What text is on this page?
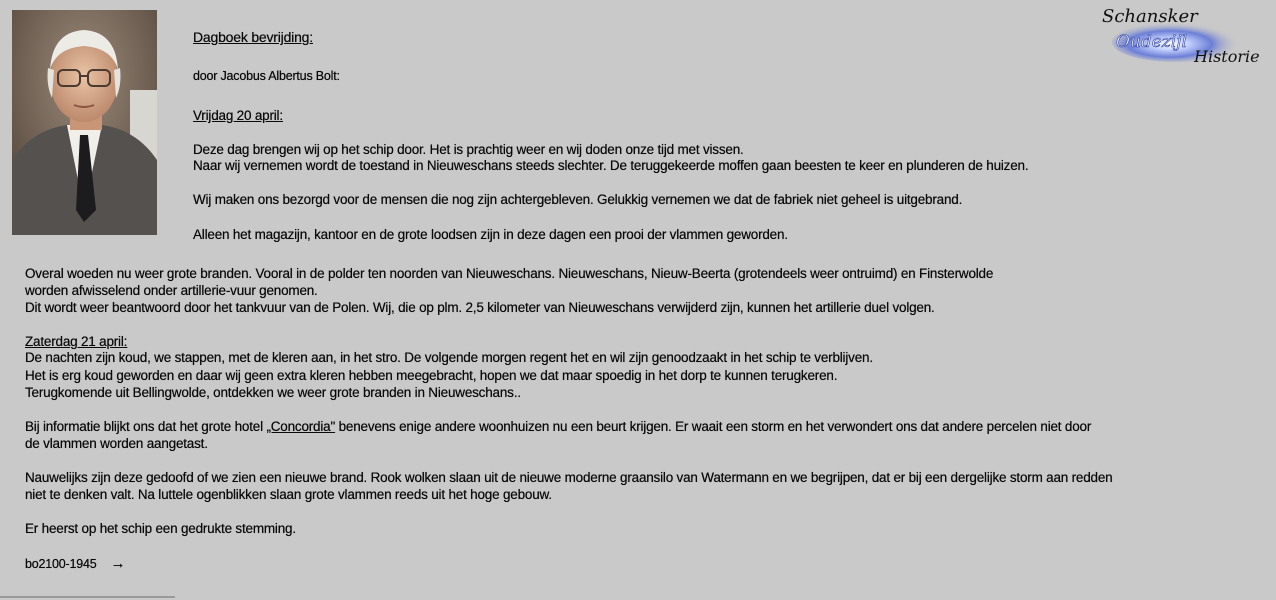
Schansker
Oudezijl
Historie
Dagboek bevrijding:
door Jacobus Albertus Bolt:
Vrijdag 20 april:
Deze dag brengen wij op het schip door. Het is prachtig weer en wij doden onze tijd met vissen.
Naar wij vernemen wordt de toestand in Nieuweschans steeds slechter. De teruggekeerde moffen gaan beesten te keer en plunderen de huizen.
Wij maken ons bezorgd voor de mensen die nog zijn achtergebleven. Gelukkig vernemen we dat de fabriek niet geheel is uitgebrand.
Alleen het magazijn, kantoor en de grote loodsen zijn in deze dagen een prooi der vlammen geworden.
Overal woeden nu weer grote branden. Vooral in de polder ten noorden van Nieuweschans. Nieuweschans, Nieuw-Beerta (grotendeels weer ontruimd) en Finsterwolde
worden afwisselend onder artillerie-vuur genomen.
Dit wordt weer beantwoord door het tankvuur van de Polen. Wij, die op plm. 2,5 kilometer van Nieuweschans verwijderd zijn, kunnen het artillerie duel volgen.
Zaterdag 21 april:
De nachten zijn koud, we stappen, met de kleren aan, in het stro. De volgende morgen regent het en wil zijn genoodzaakt in het schip te verblijven.
Het is erg koud geworden en daar wij geen extra kleren hebben meegebracht, hopen we dat maar spoedig in het dorp te kunnen terugkeren.
Terugkomende uit Bellingwolde, ontdekken we weer grote branden in Nieuweschans..
Bij informatie blijkt ons dat het grote hotel „Concordia" benevens enige andere woonhuizen nu een beurt krijgen. Er waait een storm en het verwondert ons dat andere percelen niet door
de vlammen worden aangetast.
Nauwelijks zijn deze gedoofd of we zien een nieuwe brand. Rook wolken slaan uit de nieuwe moderne graansilo van Watermann en we begrijpen, dat er bij een dergelijke storm aan redden
niet te denken valt. Na luttele ogenblikken slaan grote vlammen reeds uit het hoge gebouw.
Er heerst op het schip een gedrukte stemming.
bo2100-1945 →
